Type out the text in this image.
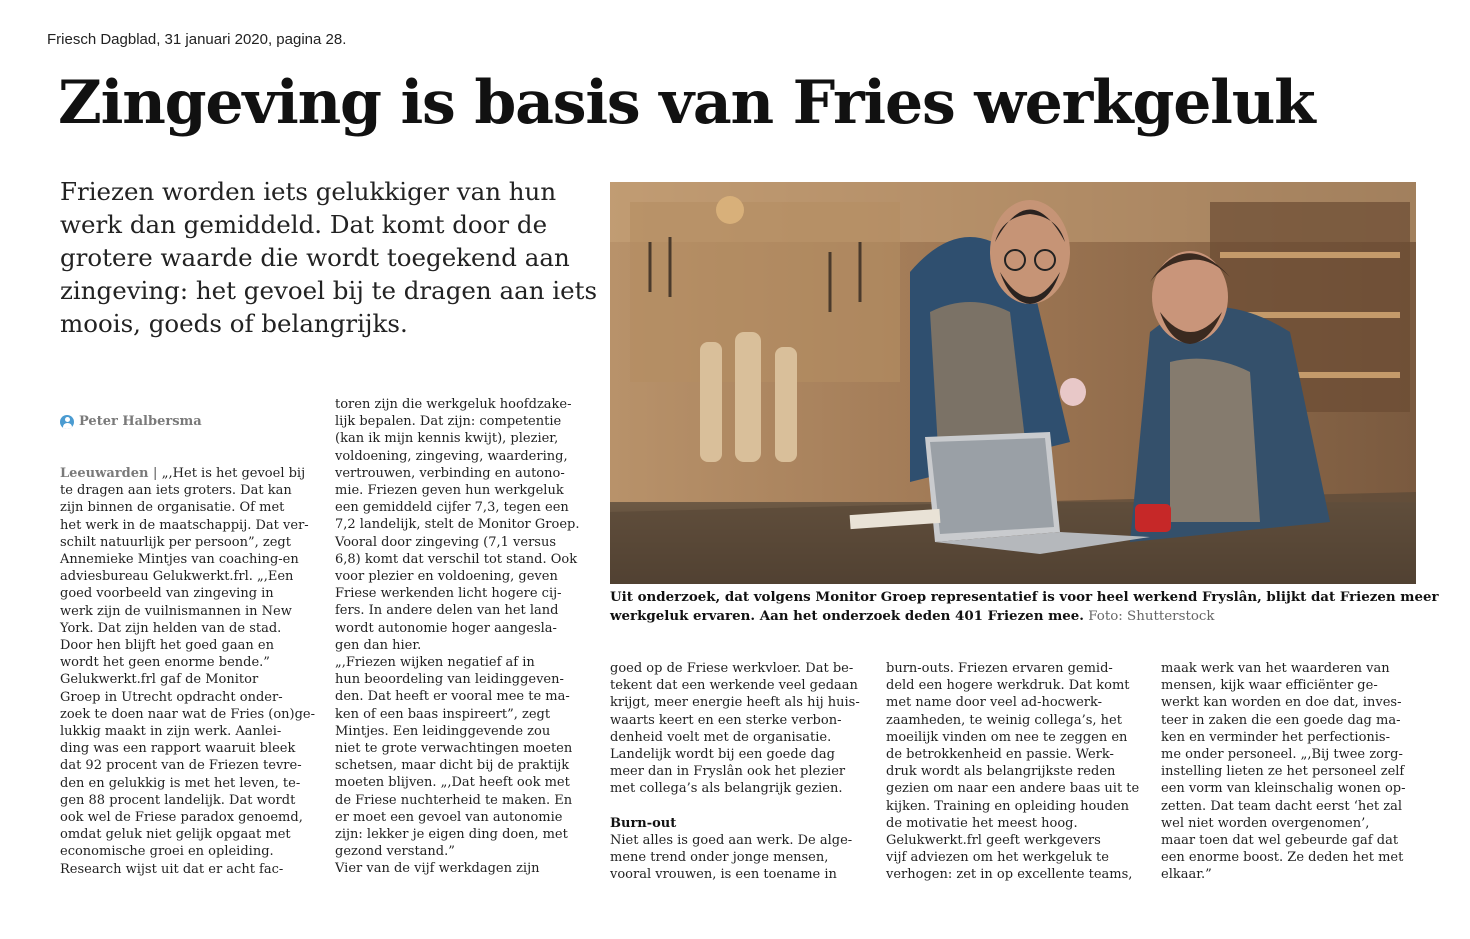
Friesch Dagblad, 31 januari 2020, pagina 28.
Zingeving is basis van Fries werkgeluk
Friezen worden iets gelukkiger van hun
werk dan gemiddeld. Dat komt door de
grotere waarde die wordt toegekend aan
zingeving: het gevoel bij te dragen aan iets
moois, goeds of belangrijks.
Peter Halbersma
Leeuwarden | „,Het is het gevoel bij
te dragen aan iets groters. Dat kan
zijn binnen de organisatie. Of met
het werk in de maatschappij. Dat ver-
schilt natuurlijk per persoon”, zegt
Annemieke Mintjes van coaching-en
adviesbureau Gelukwerkt.frl. „,Een
goed voorbeeld van zingeving in
werk zijn de vuilnismannen in New
York. Dat zijn helden van de stad.
Door hen blijft het goed gaan en
wordt het geen enorme bende.”
Gelukwerkt.frl gaf de Monitor
Groep in Utrecht opdracht onder-
zoek te doen naar wat de Fries (on)ge-
lukkig maakt in zijn werk. Aanlei-
ding was een rapport waaruit bleek
dat 92 procent van de Friezen tevre-
den en gelukkig is met het leven, te-
gen 88 procent landelijk. Dat wordt
ook wel de Friese paradox genoemd,
omdat geluk niet gelijk opgaat met
economische groei en opleiding.
Research wijst uit dat er acht fac-
toren zijn die werkgeluk hoofdzake-
lijk bepalen. Dat zijn: competentie
(kan ik mijn kennis kwijt), plezier,
voldoening, zingeving, waardering,
vertrouwen, verbinding en autono-
mie. Friezen geven hun werkgeluk
een gemiddeld cijfer 7,3, tegen een
7,2 landelijk, stelt de Monitor Groep.
Vooral door zingeving (7,1 versus
6,8) komt dat verschil tot stand. Ook
voor plezier en voldoening, geven
Friese werkenden licht hogere cij-
fers. In andere delen van het land
wordt autonomie hoger aangesla-
gen dan hier.
„,Friezen wijken negatief af in
hun beoordeling van leidinggeven-
den. Dat heeft er vooral mee te ma-
ken of een baas inspireert”, zegt
Mintjes. Een leidinggevende zou
niet te grote verwachtingen moeten
schetsen, maar dicht bij de praktijk
moeten blijven. „,Dat heeft ook met
de Friese nuchterheid te maken. En
er moet een gevoel van autonomie
zijn: lekker je eigen ding doen, met
gezond verstand.”
Vier van de vijf werkdagen zijn
Uit onderzoek, dat volgens Monitor Groep representatief is voor heel werkend Fryslân, blijkt dat Friezen meer
werkgeluk ervaren. Aan het onderzoek deden 401 Friezen mee. Foto: Shutterstock
goed op de Friese werkvloer. Dat be-
tekent dat een werkende veel gedaan
krijgt, meer energie heeft als hij huis-
waarts keert en een sterke verbon-
denheid voelt met de organisatie.
Landelijk wordt bij een goede dag
meer dan in Fryslân ook het plezier
met collega’s als belangrijk gezien.

Burn-out
Niet alles is goed aan werk. De alge-
mene trend onder jonge mensen,
vooral vrouwen, is een toename in
burn-outs. Friezen ervaren gemid-
deld een hogere werkdruk. Dat komt
met name door veel ad-hocwerk-
zaamheden, te weinig collega’s, het
moeilijk vinden om nee te zeggen en
de betrokkenheid en passie. Werk-
druk wordt als belangrijkste reden
gezien om naar een andere baas uit te
kijken. Training en opleiding houden
de motivatie het meest hoog.
Gelukwerkt.frl geeft werkgevers
vijf adviezen om het werkgeluk te
verhogen: zet in op excellente teams,
maak werk van het waarderen van
mensen, kijk waar efficiënter ge-
werkt kan worden en doe dat, inves-
teer in zaken die een goede dag ma-
ken en verminder het perfectionis-
me onder personeel. „,Bij twee zorg-
instelling lieten ze het personeel zelf
een vorm van kleinschalig wonen op-
zetten. Dat team dacht eerst ‘het zal
wel niet worden overgenomen’,
maar toen dat wel gebeurde gaf dat
een enorme boost. Ze deden het met
elkaar.”
